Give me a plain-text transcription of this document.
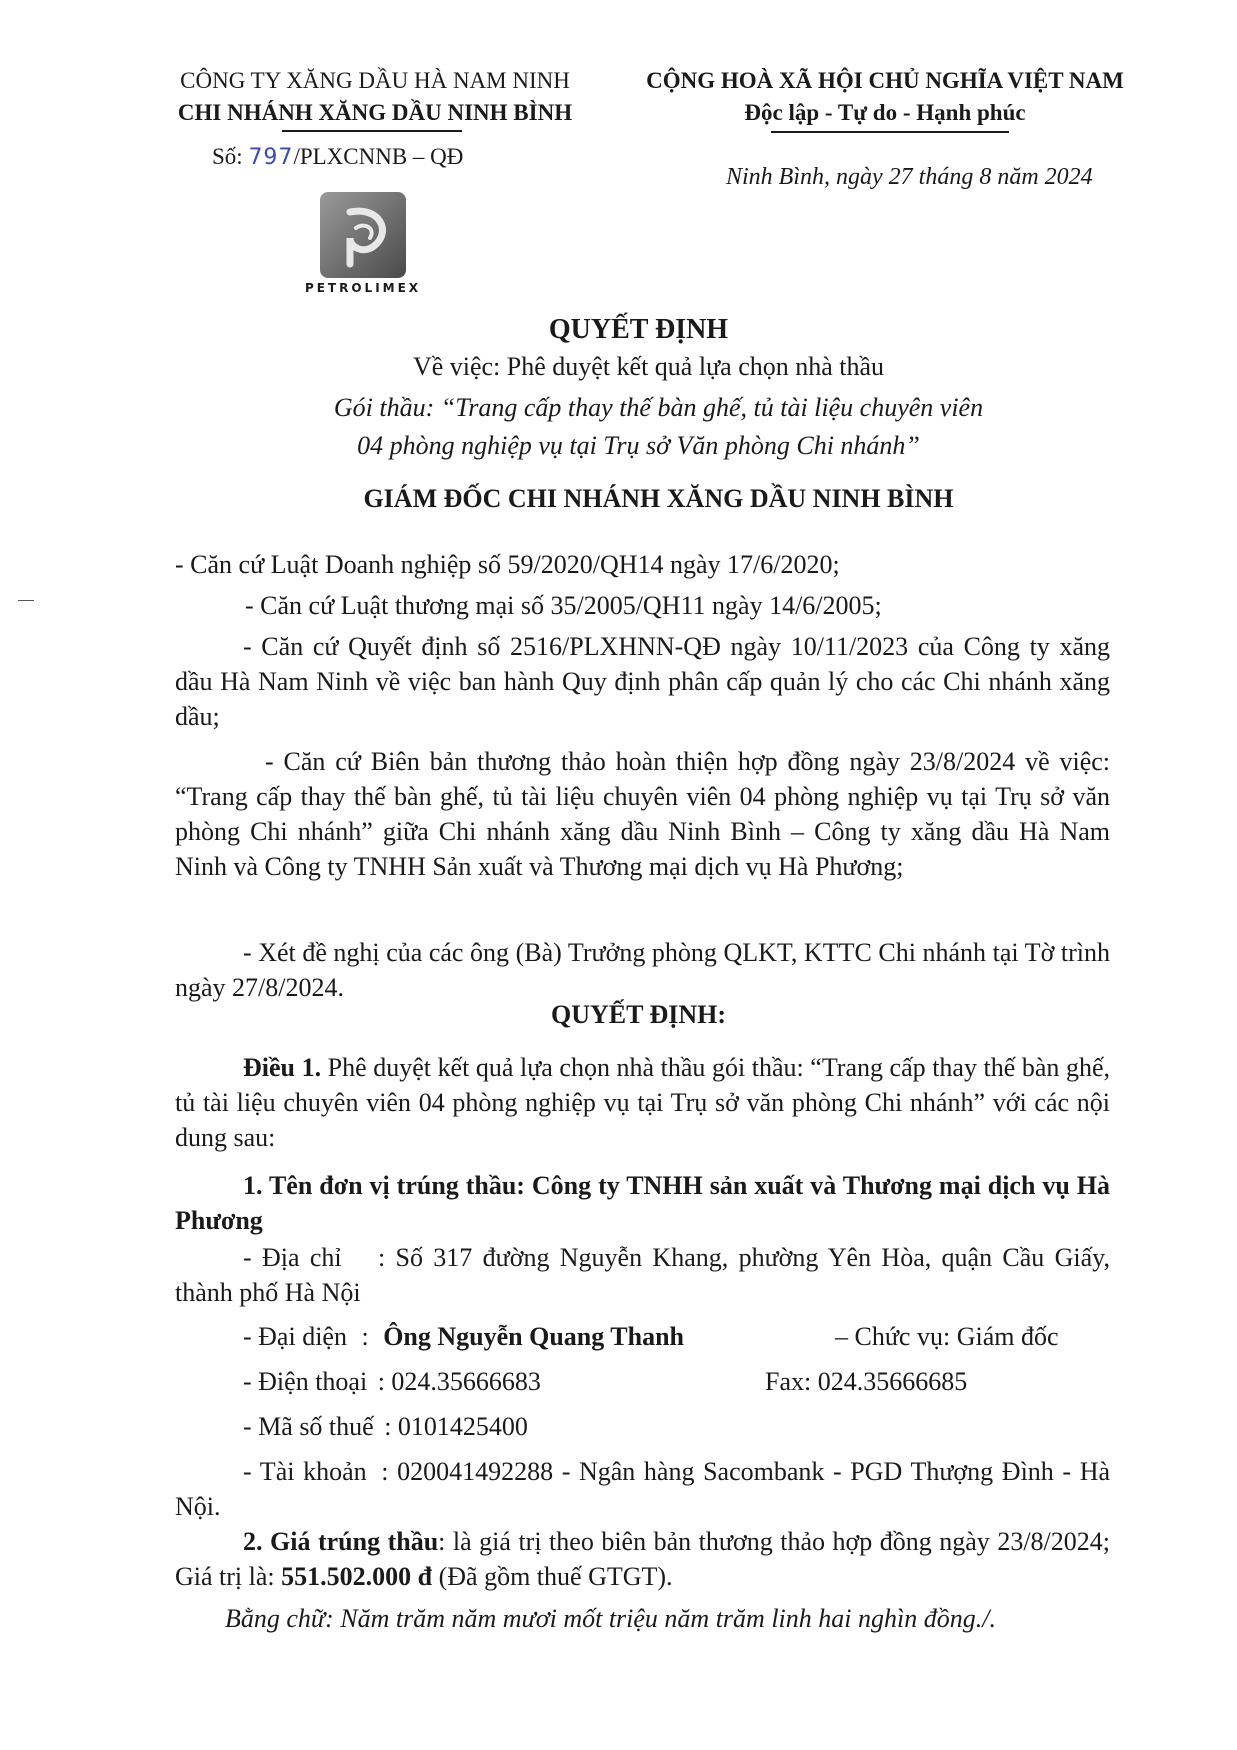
CÔNG TY XĂNG DẦU HÀ NAM NINH
CHI NHÁNH XĂNG DẦU NINH BÌNH
Số: 797/PLXCNNB – QĐ
PETROLIMEX
CỘNG HOÀ XÃ HỘI CHỦ NGHĨA VIỆT NAM
Độc lập - Tự do - Hạnh phúc
Ninh Bình, ngày 27 tháng 8 năm 2024
QUYẾT ĐỊNH
Về việc: Phê duyệt kết quả lựa chọn nhà thầu
Gói thầu: “Trang cấp thay thế bàn ghế, tủ tài liệu chuyên viên
04 phòng nghiệp vụ tại Trụ sở Văn phòng Chi nhánh”
GIÁM ĐỐC CHI NHÁNH XĂNG DẦU NINH BÌNH
- Căn cứ Luật Doanh nghiệp số 59/2020/QH14 ngày 17/6/2020;
- Căn cứ Luật thương mại số 35/2005/QH11 ngày 14/6/2005;
- Căn cứ Quyết định số 2516/PLXHNN-QĐ ngày 10/11/2023 của Công ty xăng dầu Hà Nam Ninh về việc ban hành Quy định phân cấp quản lý cho các Chi nhánh xăng dầu;
- Căn cứ Biên bản thương thảo hoàn thiện hợp đồng ngày 23/8/2024 về việc: “Trang cấp thay thế bàn ghế, tủ tài liệu chuyên viên 04 phòng nghiệp vụ tại Trụ sở văn phòng Chi nhánh” giữa Chi nhánh xăng dầu Ninh Bình – Công ty xăng dầu Hà Nam Ninh và Công ty TNHH Sản xuất và Thương mại dịch vụ Hà Phương;
- Xét đề nghị của các ông (Bà) Trưởng phòng QLKT, KTTC Chi nhánh tại Tờ trình ngày 27/8/2024.
QUYẾT ĐỊNH:
Điều 1. Phê duyệt kết quả lựa chọn nhà thầu gói thầu: “Trang cấp thay thế bàn ghế, tủ tài liệu chuyên viên 04 phòng nghiệp vụ tại Trụ sở văn phòng Chi nhánh” với các nội dung sau:
1. Tên đơn vị trúng thầu: Công ty TNHH sản xuất và Thương mại dịch vụ Hà Phương
- Địa chỉ : Số 317 đường Nguyễn Khang, phường Yên Hòa, quận Cầu Giấy, thành phố Hà Nội
- Đại diện : Ông Nguyễn Quang Thanh	– Chức vụ: Giám đốc
- Điện thoại : 024.35666683	Fax: 024.35666685
- Mã số thuế : 0101425400
- Tài khoản : 020041492288 - Ngân hàng Sacombank - PGD Thượng Đình - Hà Nội.
2. Giá trúng thầu: là giá trị theo biên bản thương thảo hợp đồng ngày 23/8/2024; Giá trị là: 551.502.000 đ (Đã gồm thuế GTGT).
Bằng chữ: Năm trăm năm mươi mốt triệu năm trăm linh hai nghìn đồng./.
